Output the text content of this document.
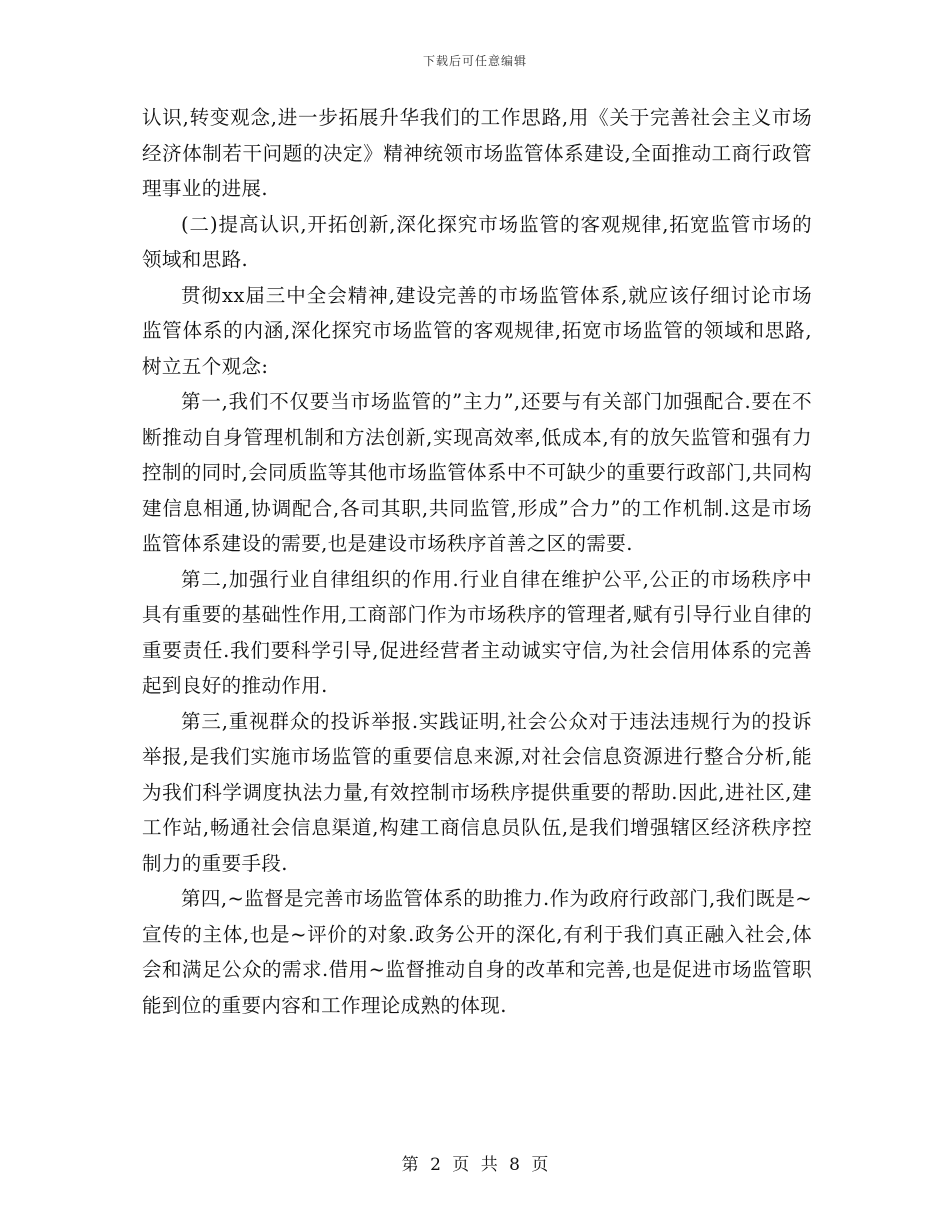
下载后可任意编辑

认识,转变观念,进一步拓展升华我们的工作思路,用《关于完善社会主义市场经济体制若干问题的决定》精神统领市场监管体系建设,全面推动工商行政管理事业的进展.

(二)提高认识,开拓创新,深化探究市场监管的客观规律,拓宽监管市场的领域和思路.

贯彻xx届三中全会精神,建设完善的市场监管体系,就应该仔细讨论市场监管体系的内涵,深化探究市场监管的客观规律,拓宽市场监管的领域和思路,树立五个观念:

第一,我们不仅要当市场监管的”主力”,还要与有关部门加强配合.要在不断推动自身管理机制和方法创新,实现高效率,低成本,有的放矢监管和强有力控制的同时,会同质监等其他市场监管体系中不可缺少的重要行政部门,共同构建信息相通,协调配合,各司其职,共同监管,形成”合力”的工作机制.这是市场监管体系建设的需要,也是建设市场秩序首善之区的需要.

第二,加强行业自律组织的作用.行业自律在维护公平,公正的市场秩序中具有重要的基础性作用,工商部门作为市场秩序的管理者,赋有引导行业自律的重要责任.我们要科学引导,促进经营者主动诚实守信,为社会信用体系的完善起到良好的推动作用.

第三,重视群众的投诉举报.实践证明,社会公众对于违法违规行为的投诉举报,是我们实施市场监管的重要信息来源,对社会信息资源进行整合分析,能为我们科学调度执法力量,有效控制市场秩序提供重要的帮助.因此,进社区,建工作站,畅通社会信息渠道,构建工商信息员队伍,是我们增强辖区经济秩序控制力的重要手段.

第四,~监督是完善市场监管体系的助推力.作为政府行政部门,我们既是~宣传的主体,也是~评价的对象.政务公开的深化,有利于我们真正融入社会,体会和满足公众的需求.借用~监督推动自身的改革和完善,也是促进市场监管职能到位的重要内容和工作理论成熟的体现.

第 2 页 共 8 页
